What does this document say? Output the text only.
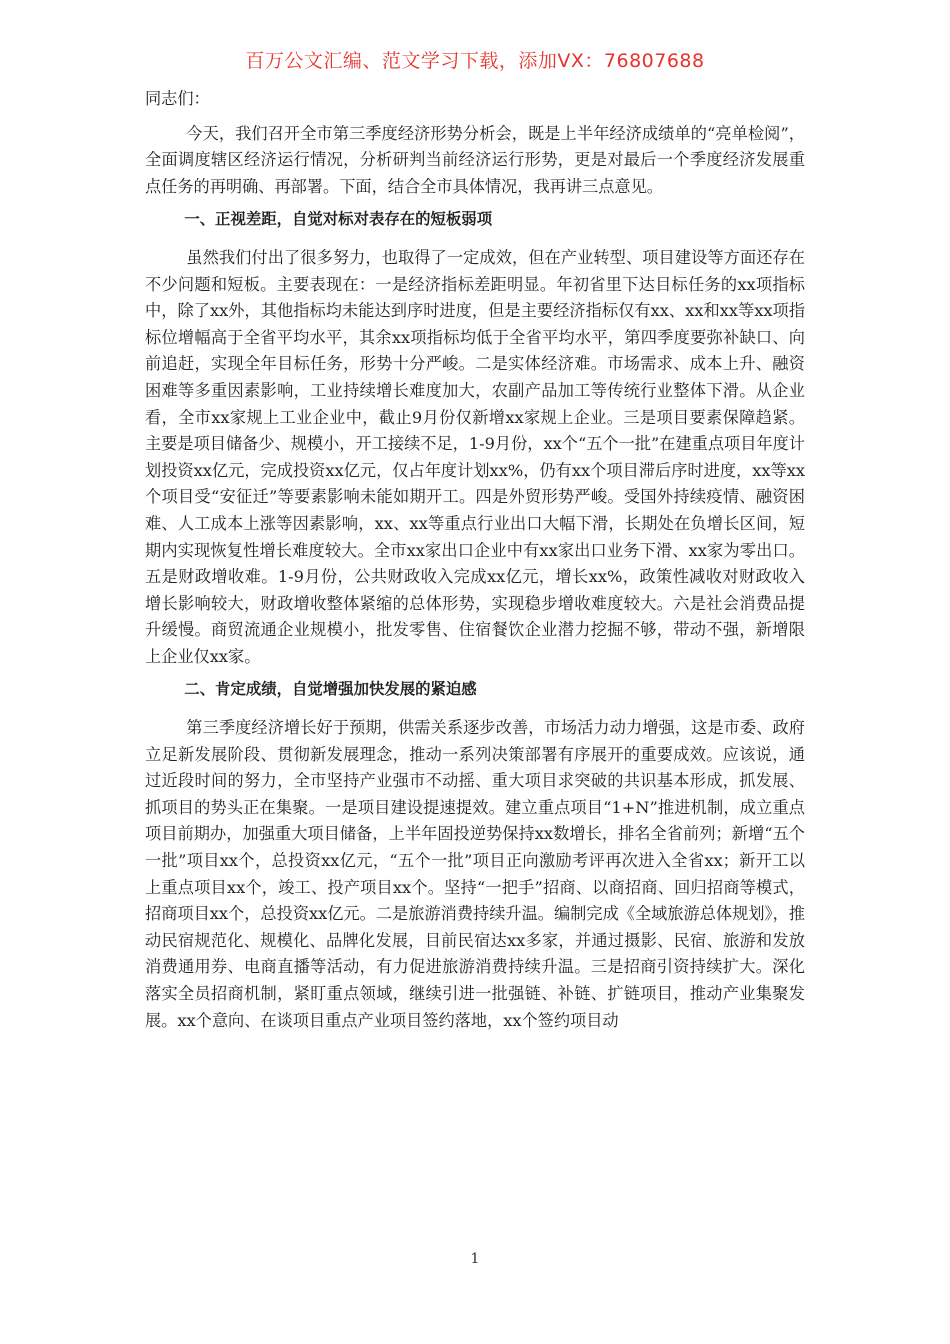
百万公文汇编、范文学习下载，添加VX：76807688

同志们：

今天，我们召开全市第三季度经济形势分析会，既是上半年经济成绩单的“亮单检阅”，全面调度辖区经济运行情况，分析研判当前经济运行形势，更是对最后一个季度经济发展重点任务的再明确、再部署。下面，结合全市具体情况，我再讲三点意见。

一、正视差距，自觉对标对表存在的短板弱项

虽然我们付出了很多努力，也取得了一定成效，但在产业转型、项目建设等方面还存在不少问题和短板。主要表现在：一是经济指标差距明显。年初省里下达目标任务的xx项指标中，除了xx外，其他指标均未能达到序时进度，但是主要经济指标仅有xx、xx和xx等xx项指标位增幅高于全省平均水平，其余xx项指标均低于全省平均水平，第四季度要弥补缺口、向前追赶，实现全年目标任务，形势十分严峻。二是实体经济难。市场需求、成本上升、融资困难等多重因素影响，工业持续增长难度加大，农副产品加工等传统行业整体下滑。从企业看，全市xx家规上工业企业中，截止9月份仅新增xx家规上企业。三是项目要素保障趋紧。主要是项目储备少、规模小，开工接续不足，1-9月份，xx个“五个一批”在建重点项目年度计划投资xx亿元，完成投资xx亿元，仅占年度计划xx%，仍有xx个项目滞后序时进度，xx等xx个项目受“安征迁”等要素影响未能如期开工。四是外贸形势严峻。受国外持续疫情、融资困难、人工成本上涨等因素影响，xx、xx等重点行业出口大幅下滑，长期处在负增长区间，短期内实现恢复性增长难度较大。全市xx家出口企业中有xx家出口业务下滑、xx家为零出口。五是财政增收难。1-9月份，公共财政收入完成xx亿元，增长xx%，政策性减收对财政收入增长影响较大，财政增收整体紧缩的总体形势，实现稳步增收难度较大。六是社会消费品提升缓慢。商贸流通企业规模小，批发零售、住宿餐饮企业潜力挖掘不够，带动不强，新增限上企业仅xx家。

二、肯定成绩，自觉增强加快发展的紧迫感

第三季度经济增长好于预期，供需关系逐步改善，市场活力动力增强，这是市委、政府立足新发展阶段、贯彻新发展理念，推动一系列决策部署有序展开的重要成效。应该说，通过近段时间的努力，全市坚持产业强市不动摇、重大项目求突破的共识基本形成，抓发展、抓项目的势头正在集聚。一是项目建设提速提效。建立重点项目“1+N”推进机制，成立重点项目前期办，加强重大项目储备，上半年固投逆势保持xx数增长，排名全省前列；新增“五个一批”项目xx个，总投资xx亿元，“五个一批”项目正向激励考评再次进入全省xx；新开工以上重点项目xx个，竣工、投产项目xx个。坚持“一把手”招商、以商招商、回归招商等模式，招商项目xx个，总投资xx亿元。二是旅游消费持续升温。编制完成《全域旅游总体规划》，推动民宿规范化、规模化、品牌化发展，目前民宿达xx多家，并通过摄影、民宿、旅游和发放消费通用券、电商直播等活动，有力促进旅游消费持续升温。三是招商引资持续扩大。深化落实全员招商机制，紧盯重点领域，继续引进一批强链、补链、扩链项目，推动产业集聚发展。xx个意向、在谈项目重点产业项目签约落地，xx个签约项目动

1
